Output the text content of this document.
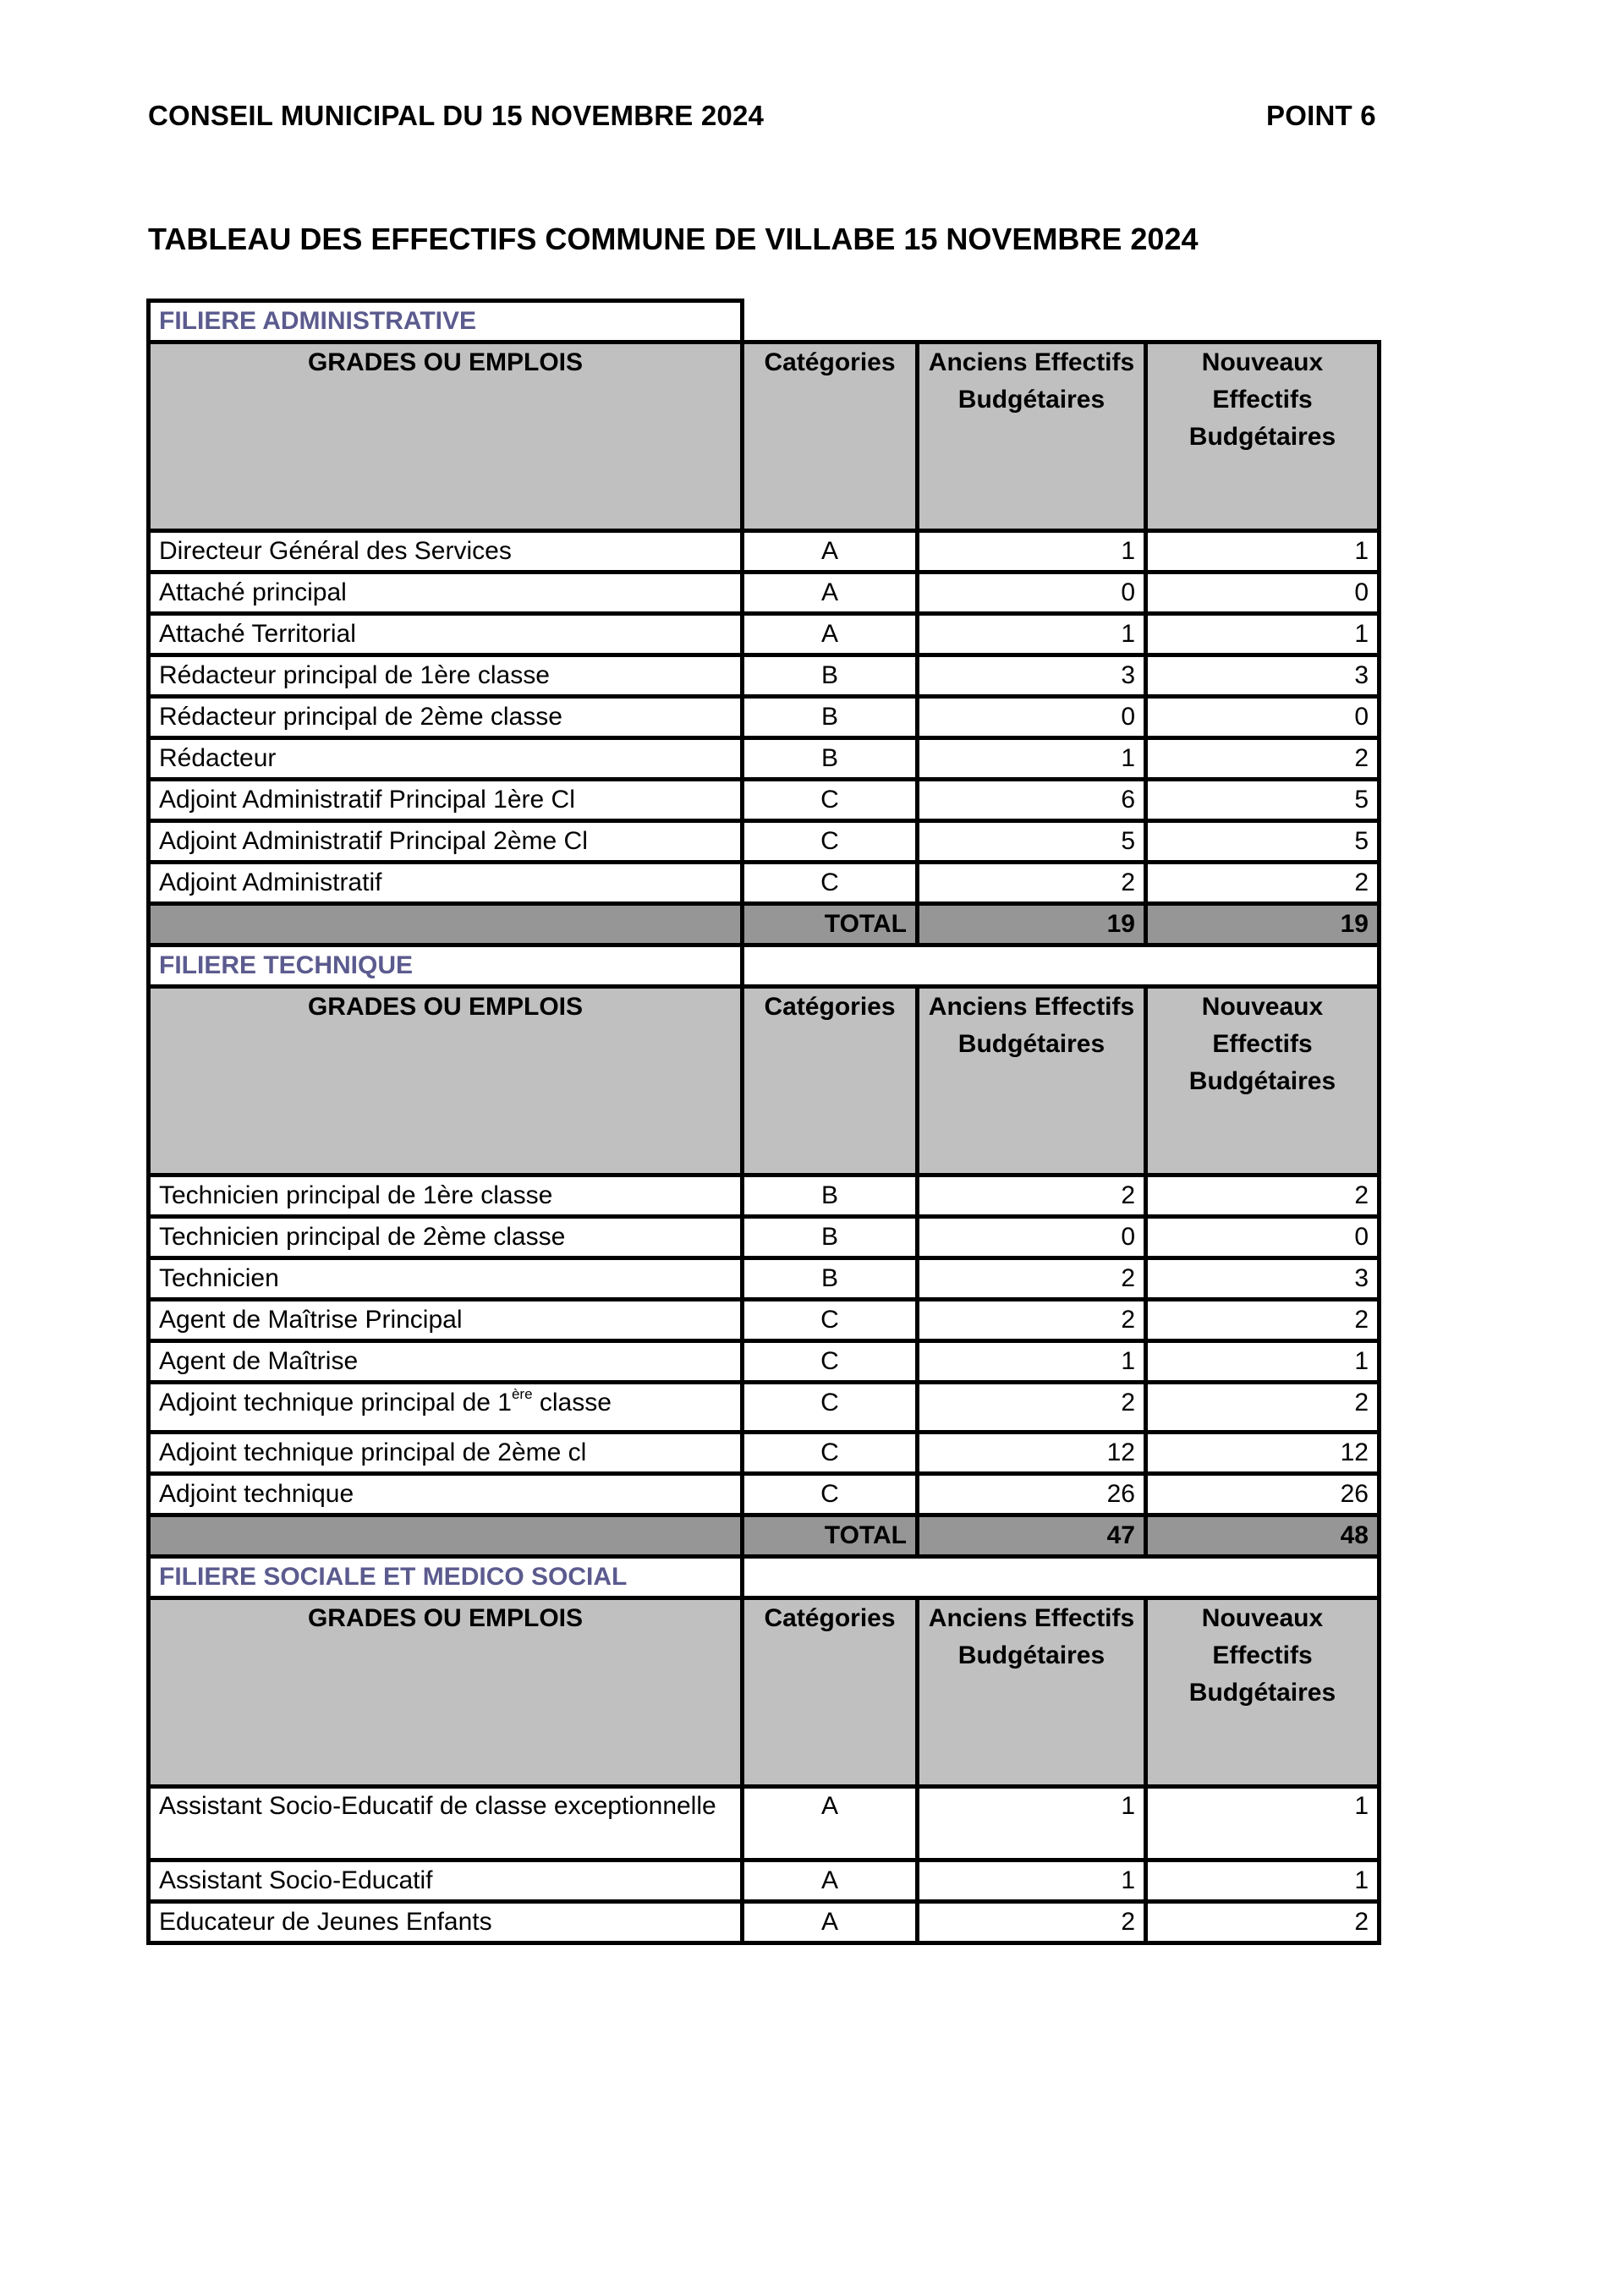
CONSEIL MUNICIPAL DU 15 NOVEMBRE 2024	POINT 6
TABLEAU DES EFFECTIFS COMMUNE DE VILLABE 15 NOVEMBRE 2024
FILIERE ADMINISTRATIVE			
GRADES OU EMPLOIS	Catégories	Anciens Effectifs Budgétaires	Nouveaux Effectifs Budgétaires
Directeur Général des Services	A	1	1
Attaché principal	A	0	0
Attaché Territorial	A	1	1
Rédacteur principal de 1ère classe	B	3	3
Rédacteur principal de 2ème classe	B	0	0
Rédacteur	B	1	2
Adjoint Administratif Principal 1ère Cl	C	6	5
Adjoint Administratif Principal 2ème Cl	C	5	5
Adjoint Administratif	C	2	2
	TOTAL	19	19
FILIERE TECHNIQUE			
GRADES OU EMPLOIS	Catégories	Anciens Effectifs Budgétaires	Nouveaux Effectifs Budgétaires
Technicien principal de 1ère classe	B	2	2
Technicien principal de 2ème classe	B	0	0
Technicien	B	2	3
Agent de Maîtrise Principal	C	2	2
Agent de Maîtrise	C	1	1
Adjoint technique principal de 1ère classe	C	2	2
Adjoint technique principal de 2ème cl	C	12	12
Adjoint technique	C	26	26
	TOTAL	47	48
FILIERE SOCIALE ET MEDICO SOCIAL			
GRADES OU EMPLOIS	Catégories	Anciens Effectifs Budgétaires	Nouveaux Effectifs Budgétaires
Assistant Socio-Educatif de classe exceptionnelle	A	1	1
Assistant Socio-Educatif	A	1	1
Educateur de Jeunes Enfants	A	2	2
